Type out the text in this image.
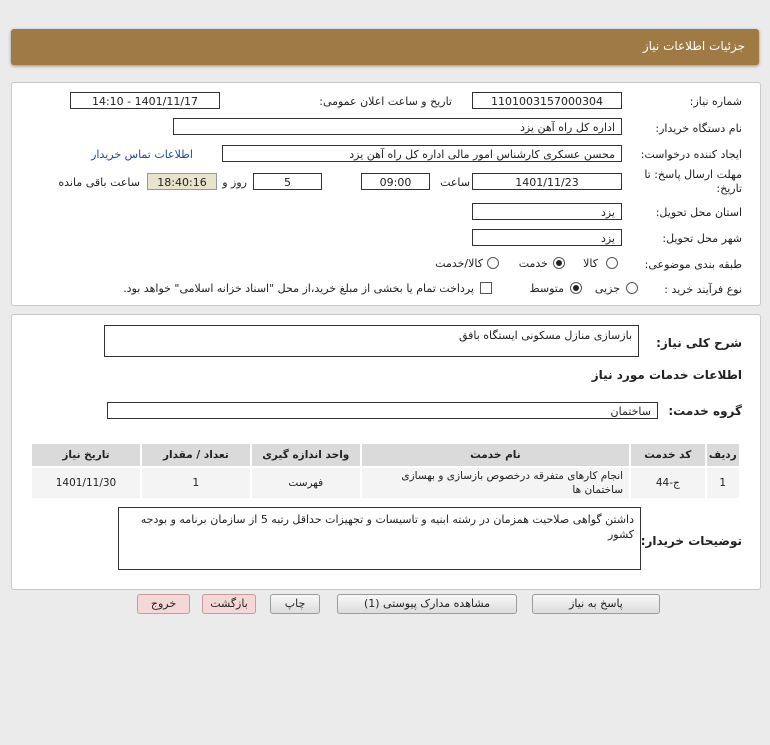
جزئیات اطلاعات نیاز
شماره نیاز:
1101003157000304
تاریخ و ساعت اعلان عمومی:
1401/11/17 - 14:10
نام دستگاه خریدار:
اداره کل راه آهن یزد
ایجاد کننده درخواست:
محسن عسکری کارشناس امور مالی اداره کل راه آهن یزد
اطلاعات تماس خریدار
مهلت ارسال پاسخ: تا
تاریخ:
1401/11/23
ساعت
09:00
5
روز و
18:40:16
ساعت باقی مانده
استان محل تحویل:
یزد
شهر محل تحویل:
یزد
طبقه بندی موضوعی:
کالا
خدمت
کالا/خدمت
نوع فرآیند خرید :
جزیی
متوسط
پرداخت تمام یا بخشی از مبلغ خرید،از محل "اسناد خزانه اسلامی" خواهد بود.
شرح کلی نیاز:
بازسازی منازل مسکونی ایستگاه بافق
اطلاعات خدمات مورد نیاز
گروه خدمت:
ساختمان
ردیف	کد خدمت	نام خدمت	واحد اندازه گیری	تعداد / مقدار	تاریخ نیاز
1	ج-44	انجام کارهای متفرقه درخصوص بازسازی و بهسازی ساختمان ها	فهرست	1	1401/11/30
توضیحات خریدار:
داشتن گواهی صلاحیت همزمان در رشته ابنیه و تاسیسات و تجهیزات حداقل رتبه 5 از سازمان برنامه و بودجه کشور
پاسخ به نیاز
مشاهده مدارک پیوستی (1)
چاپ
بازگشت
خروج
